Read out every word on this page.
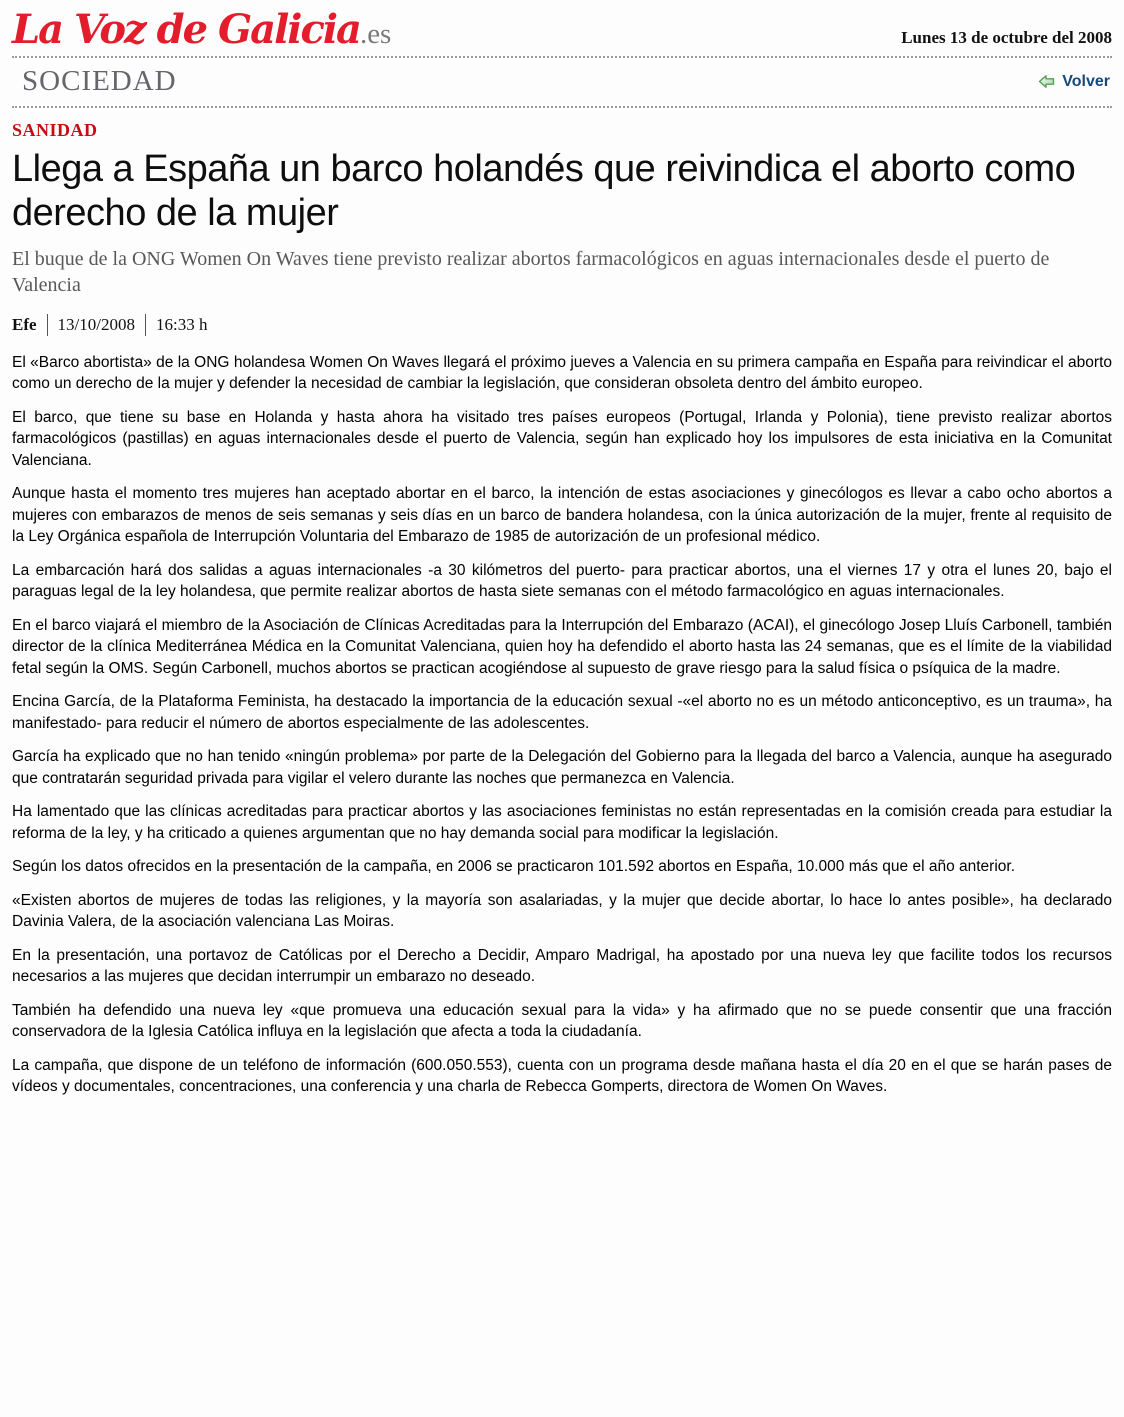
La Voz de Galicia.es	Lunes 13 de octubre del 2008
SOCIEDAD	Volver
SANIDAD
Llega a España un barco holandés que reivindica el aborto como derecho de la mujer

El buque de la ONG Women On Waves tiene previsto realizar abortos farmacológicos en aguas internacionales desde el puerto de Valencia

Efe 13/10/2008 16:33 h

El «Barco abortista» de la ONG holandesa Women On Waves llegará el próximo jueves a Valencia en su primera campaña en España para reivindicar el aborto como un derecho de la mujer y defender la necesidad de cambiar la legislación, que consideran obsoleta dentro del ámbito europeo.

El barco, que tiene su base en Holanda y hasta ahora ha visitado tres países europeos (Portugal, Irlanda y Polonia), tiene previsto realizar abortos farmacológicos (pastillas) en aguas internacionales desde el puerto de Valencia, según han explicado hoy los impulsores de esta iniciativa en la Comunitat Valenciana.

Aunque hasta el momento tres mujeres han aceptado abortar en el barco, la intención de estas asociaciones y ginecólogos es llevar a cabo ocho abortos a mujeres con embarazos de menos de seis semanas y seis días en un barco de bandera holandesa, con la única autorización de la mujer, frente al requisito de la Ley Orgánica española de Interrupción Voluntaria del Embarazo de 1985 de autorización de un profesional médico.

La embarcación hará dos salidas a aguas internacionales -a 30 kilómetros del puerto- para practicar abortos, una el viernes 17 y otra el lunes 20, bajo el paraguas legal de la ley holandesa, que permite realizar abortos de hasta siete semanas con el método farmacológico en aguas internacionales.

En el barco viajará el miembro de la Asociación de Clínicas Acreditadas para la Interrupción del Embarazo (ACAI), el ginecólogo Josep Lluís Carbonell, también director de la clínica Mediterránea Médica en la Comunitat Valenciana, quien hoy ha defendido el aborto hasta las 24 semanas, que es el límite de la viabilidad fetal según la OMS. Según Carbonell, muchos abortos se practican acogiéndose al supuesto de grave riesgo para la salud física o psíquica de la madre.

Encina García, de la Plataforma Feminista, ha destacado la importancia de la educación sexual -«el aborto no es un método anticonceptivo, es un trauma», ha manifestado- para reducir el número de abortos especialmente de las adolescentes.

García ha explicado que no han tenido «ningún problema» por parte de la Delegación del Gobierno para la llegada del barco a Valencia, aunque ha asegurado que contratarán seguridad privada para vigilar el velero durante las noches que permanezca en Valencia.

Ha lamentado que las clínicas acreditadas para practicar abortos y las asociaciones feministas no están representadas en la comisión creada para estudiar la reforma de la ley, y ha criticado a quienes argumentan que no hay demanda social para modificar la legislación.

Según los datos ofrecidos en la presentación de la campaña, en 2006 se practicaron 101.592 abortos en España, 10.000 más que el año anterior.

«Existen abortos de mujeres de todas las religiones, y la mayoría son asalariadas, y la mujer que decide abortar, lo hace lo antes posible», ha declarado Davinia Valera, de la asociación valenciana Las Moiras.

En la presentación, una portavoz de Católicas por el Derecho a Decidir, Amparo Madrigal, ha apostado por una nueva ley que facilite todos los recursos necesarios a las mujeres que decidan interrumpir un embarazo no deseado.

También ha defendido una nueva ley «que promueva una educación sexual para la vida» y ha afirmado que no se puede consentir que una fracción conservadora de la Iglesia Católica influya en la legislación que afecta a toda la ciudadanía.

La campaña, que dispone de un teléfono de información (600.050.553), cuenta con un programa desde mañana hasta el día 20 en el que se harán pases de vídeos y documentales, concentraciones, una conferencia y una charla de Rebecca Gomperts, directora de Women On Waves.
